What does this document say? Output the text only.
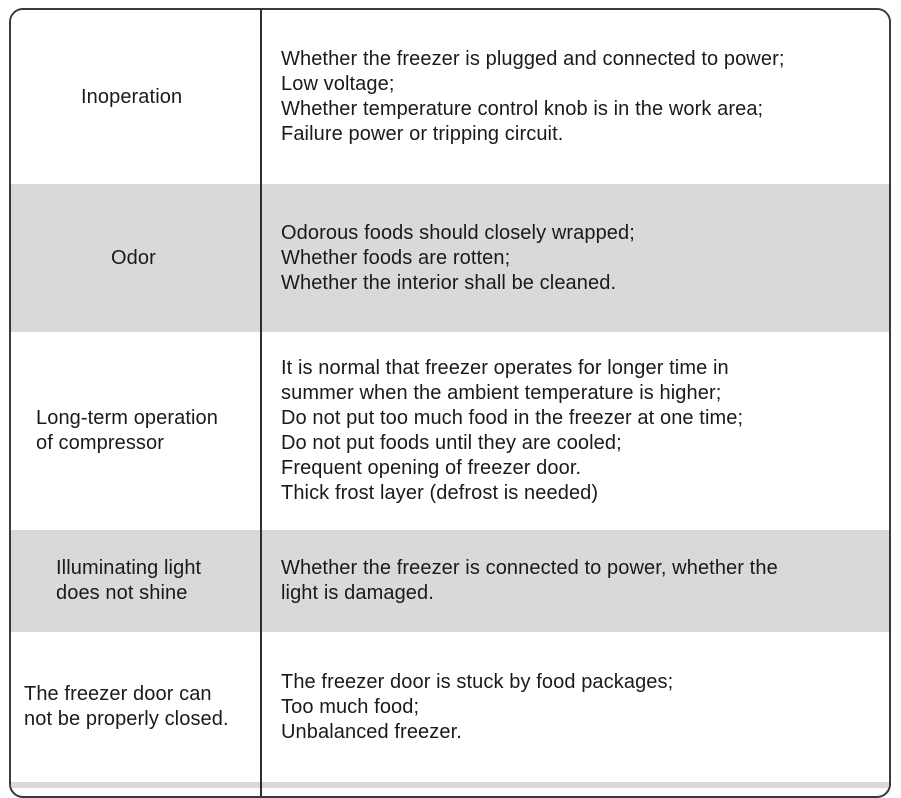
Inoperation
Whether the freezer is plugged and connected to power;
Low voltage;
Whether temperature control knob is in the work area;
Failure power or tripping circuit.
Odor
Odorous foods should closely wrapped;
Whether foods are rotten;
Whether the interior shall be cleaned.
Long-term operation
of compressor
It is normal that freezer operates for longer time in
summer when the ambient temperature is higher;
Do not put too much food in the freezer at one time;
Do not put foods until they are cooled;
Frequent opening of freezer door.
Thick frost layer (defrost is needed)
Illuminating light
does not shine
Whether the freezer is connected to power, whether the
light is damaged.
The freezer door can
not be properly closed.
The freezer door is stuck by food packages;
Too much food;
Unbalanced freezer.
